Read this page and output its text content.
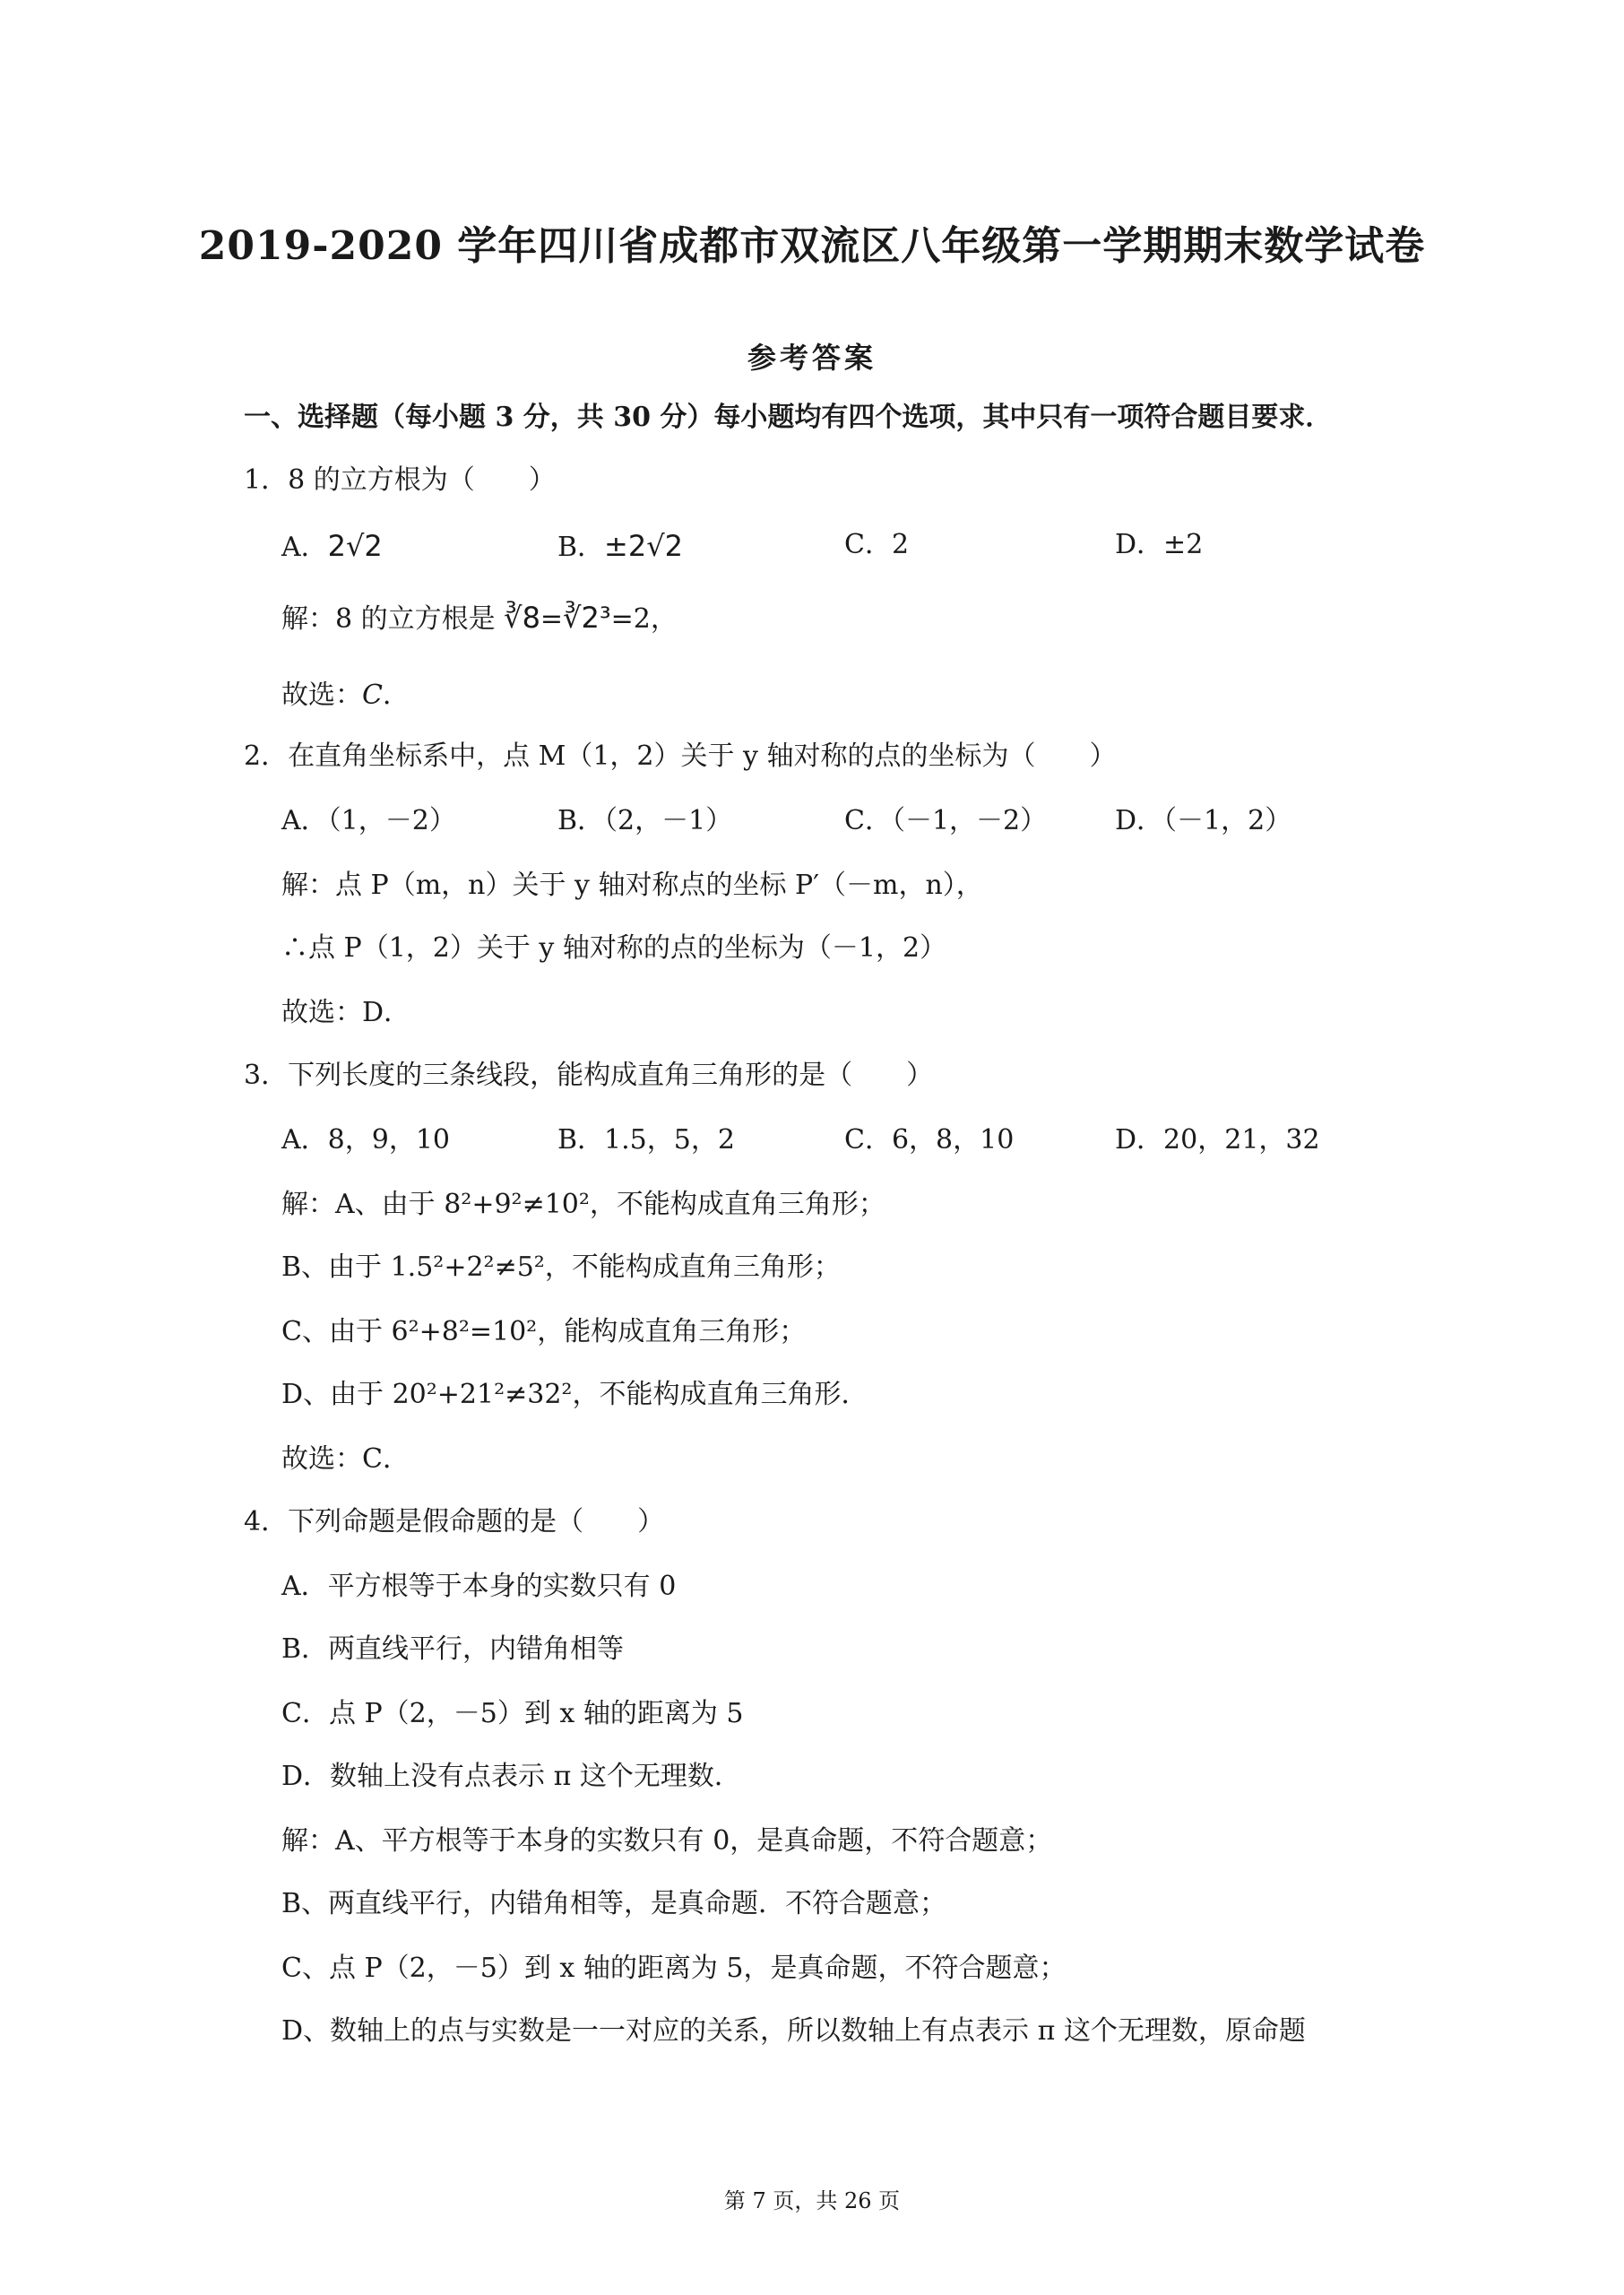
2019-2020 学年四川省成都市双流区八年级第一学期期末数学试卷
参考答案
一、选择题（每小题 3 分，共 30 分）每小题均有四个选项，其中只有一项符合题目要求．
1．8 的立方根为（　　）
A．2√2	B．±2√2	C．2	D．±2
解：8 的立方根是 ∛8=∛2³=2，
故选：C．
2．在直角坐标系中，点 M（1，2）关于 y 轴对称的点的坐标为（　　）
A．（1，－2）	B．（2，－1）	C．（－1，－2）	D．（－1，2）
解：点 P（m，n）关于 y 轴对称点的坐标 P′（－m，n），
∴点 P（1，2）关于 y 轴对称的点的坐标为（－1，2）
故选：D．
3．下列长度的三条线段，能构成直角三角形的是（　　）
A．8，9，10	B．1.5，5，2	C．6，8，10	D．20，21，32
解：A、由于 8²+9²≠10²，不能构成直角三角形；
B、由于 1.5²+2²≠5²，不能构成直角三角形；
C、由于 6²+8²=10²，能构成直角三角形；
D、由于 20²+21²≠32²，不能构成直角三角形．
故选：C．
4．下列命题是假命题的是（　　）
A．平方根等于本身的实数只有 0
B．两直线平行，内错角相等
C．点 P（2，－5）到 x 轴的距离为 5
D．数轴上没有点表示 π 这个无理数．
解：A、平方根等于本身的实数只有 0，是真命题，不符合题意；
B、两直线平行，内错角相等，是真命题．不符合题意；
C、点 P（2，－5）到 x 轴的距离为 5，是真命题，不符合题意；
D、数轴上的点与实数是一一对应的关系，所以数轴上有点表示 π 这个无理数，原命题
第 7 页，共 26 页
